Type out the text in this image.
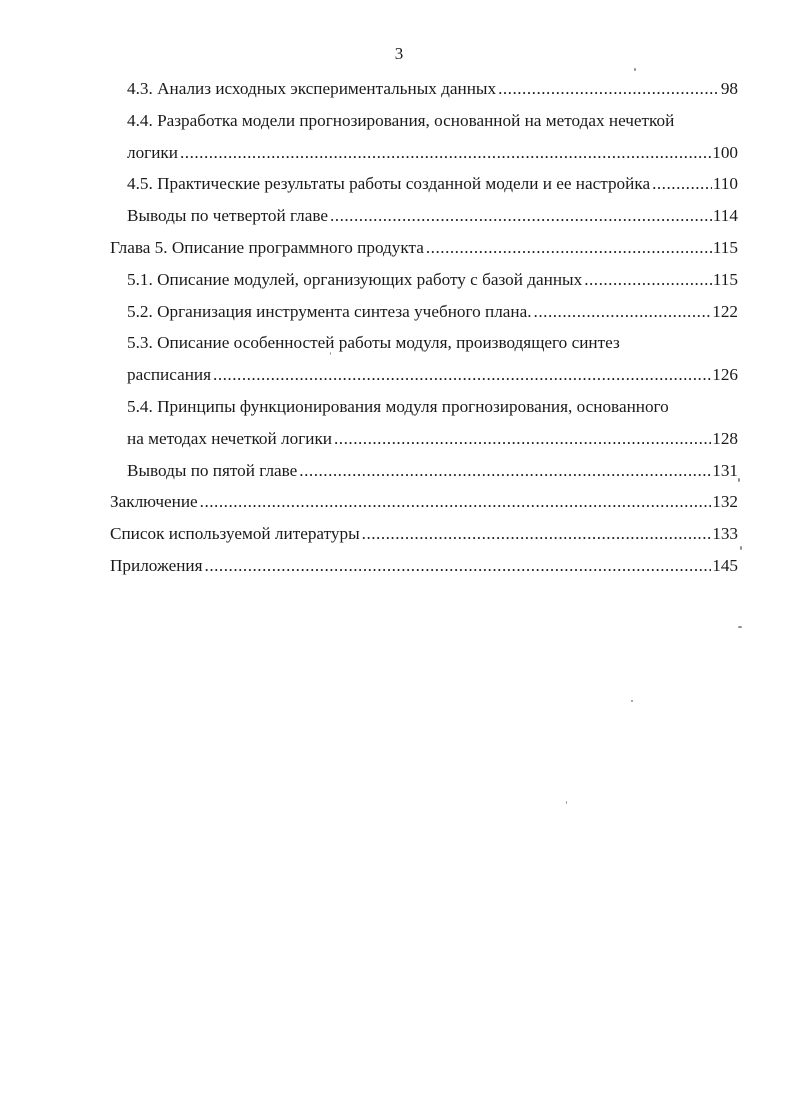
3
4.3. Анализ исходных экспериментальных данных .....	98
4.4. Разработка модели прогнозирования, основанной на методах нечеткой
логики .....	100
4.5. Практические результаты работы созданной модели и ее настройка .....	110
Выводы по четвертой главе .....	114
Глава 5. Описание программного продукта .....	115
5.1. Описание модулей, организующих работу с базой данных .....	115
5.2. Организация инструмента синтеза учебного плана. .....	122
5.3. Описание особенностей работы модуля, производящего синтез
расписания .....	126
5.4. Принципы функционирования модуля прогнозирования, основанного
на методах нечеткой логики .....	128
Выводы по пятой главе .....	131
Заключение .....	132
Список используемой литературы .....	133
Приложения .....	145
